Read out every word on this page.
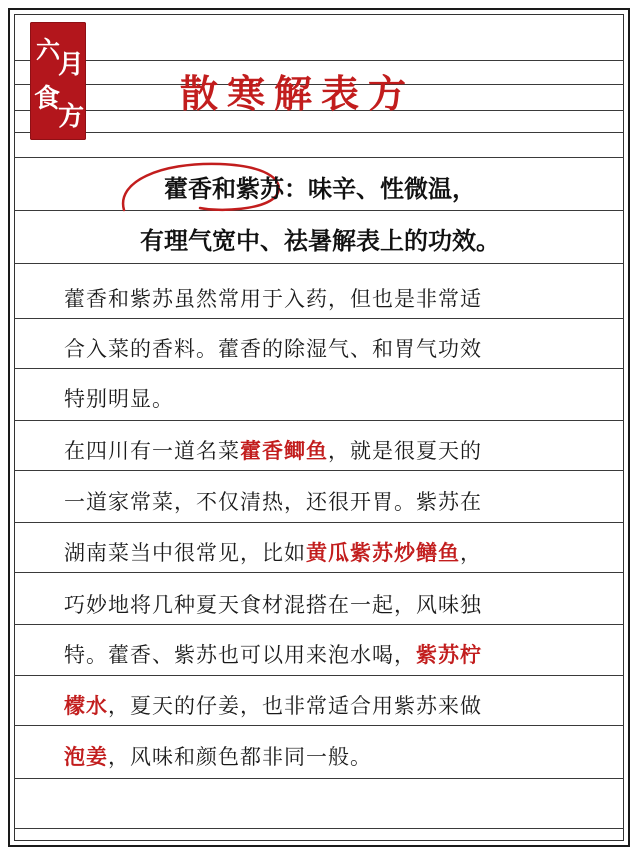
六
月
食
方
散寒解表方
藿香和紫苏：味辛、性微温，
有理气宽中、祛暑解表上的功效。
藿香和紫苏虽然常用于入药，但也是非常适
合入菜的香料。藿香的除湿气、和胃气功效
特别明显。
在四川有一道名菜藿香鲫鱼，就是很夏天的
一道家常菜，不仅清热，还很开胃。紫苏在
湖南菜当中很常见，比如黄瓜紫苏炒鳝鱼，
巧妙地将几种夏天食材混搭在一起，风味独
特。藿香、紫苏也可以用来泡水喝，紫苏柠
檬水，夏天的仔姜，也非常适合用紫苏来做
泡姜，风味和颜色都非同一般。
